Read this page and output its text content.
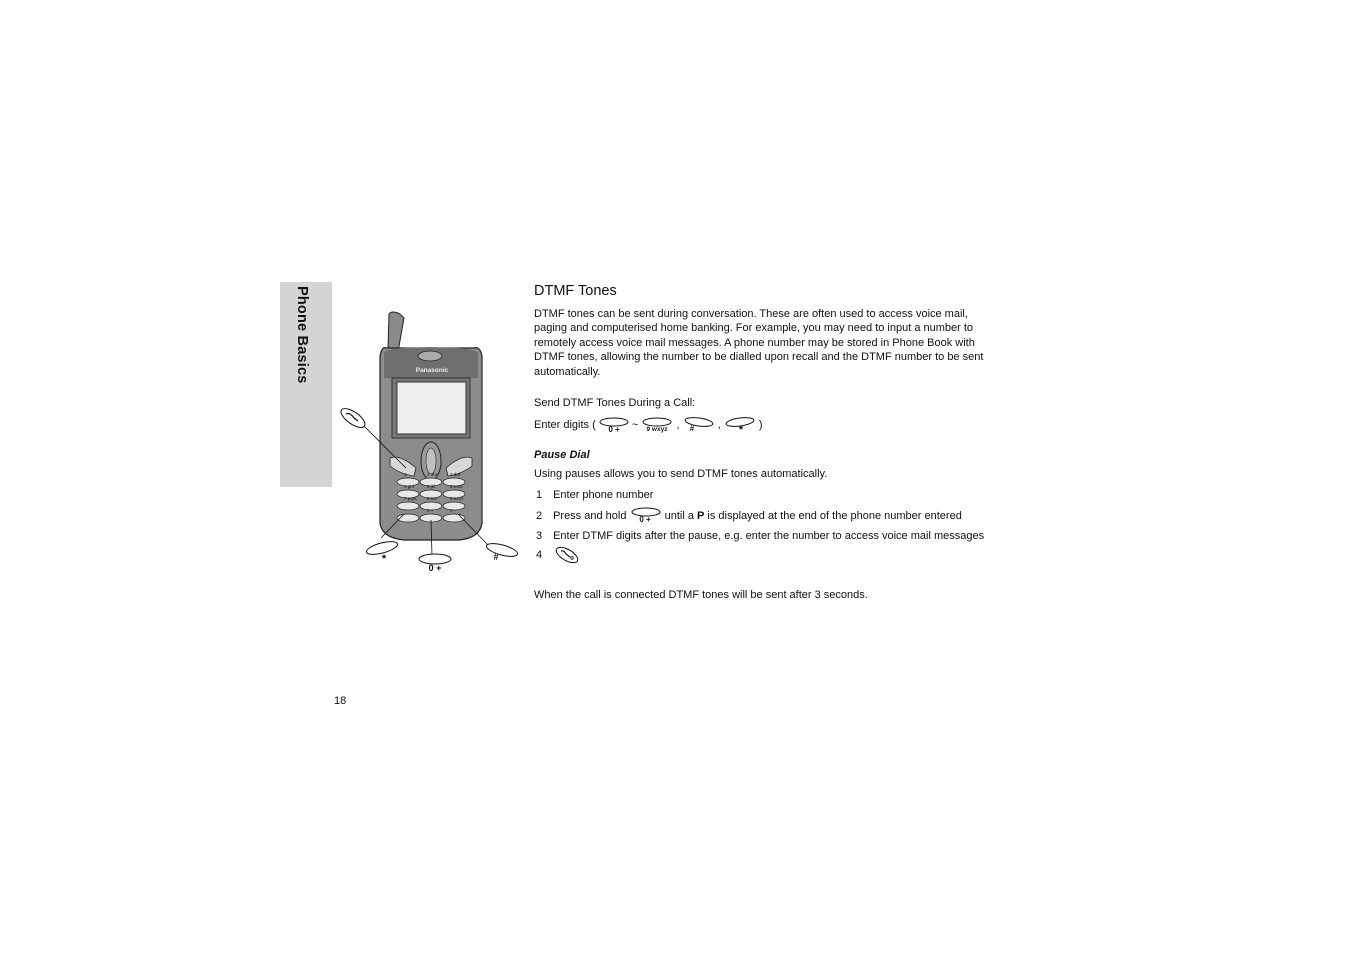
Phone Basics	Panasonic
*
0 +
#
1	2 abc	3 def
4 ghi	5 jkl	6 mno
7 pqrs 8 tuv	9 wxyz
*	0 +	#
DTMF Tones

DTMF tones can be sent during conversation. These are often used to access voice mail, paging and computerised home banking. For example, you may need to input a number to remotely access voice mail messages. A phone number may be stored in Phone Book with DTMF tones, allowing the number to be dialled upon recall and the DTMF number to be sent automatically.

Send DTMF Tones During a Call:

Enter digits ( 0 + ~ 9 wxyz , # , * )

Pause Dial

Using pauses allows you to send DTMF tones automatically.

1 Enter phone number
2 Press and hold 0 + until a P is displayed at the end of the phone number entered
3 Enter DTMF digits after the pause, e.g. enter the number to access voice mail messages
4

When the call is connected DTMF tones will be sent after 3 seconds.

18
